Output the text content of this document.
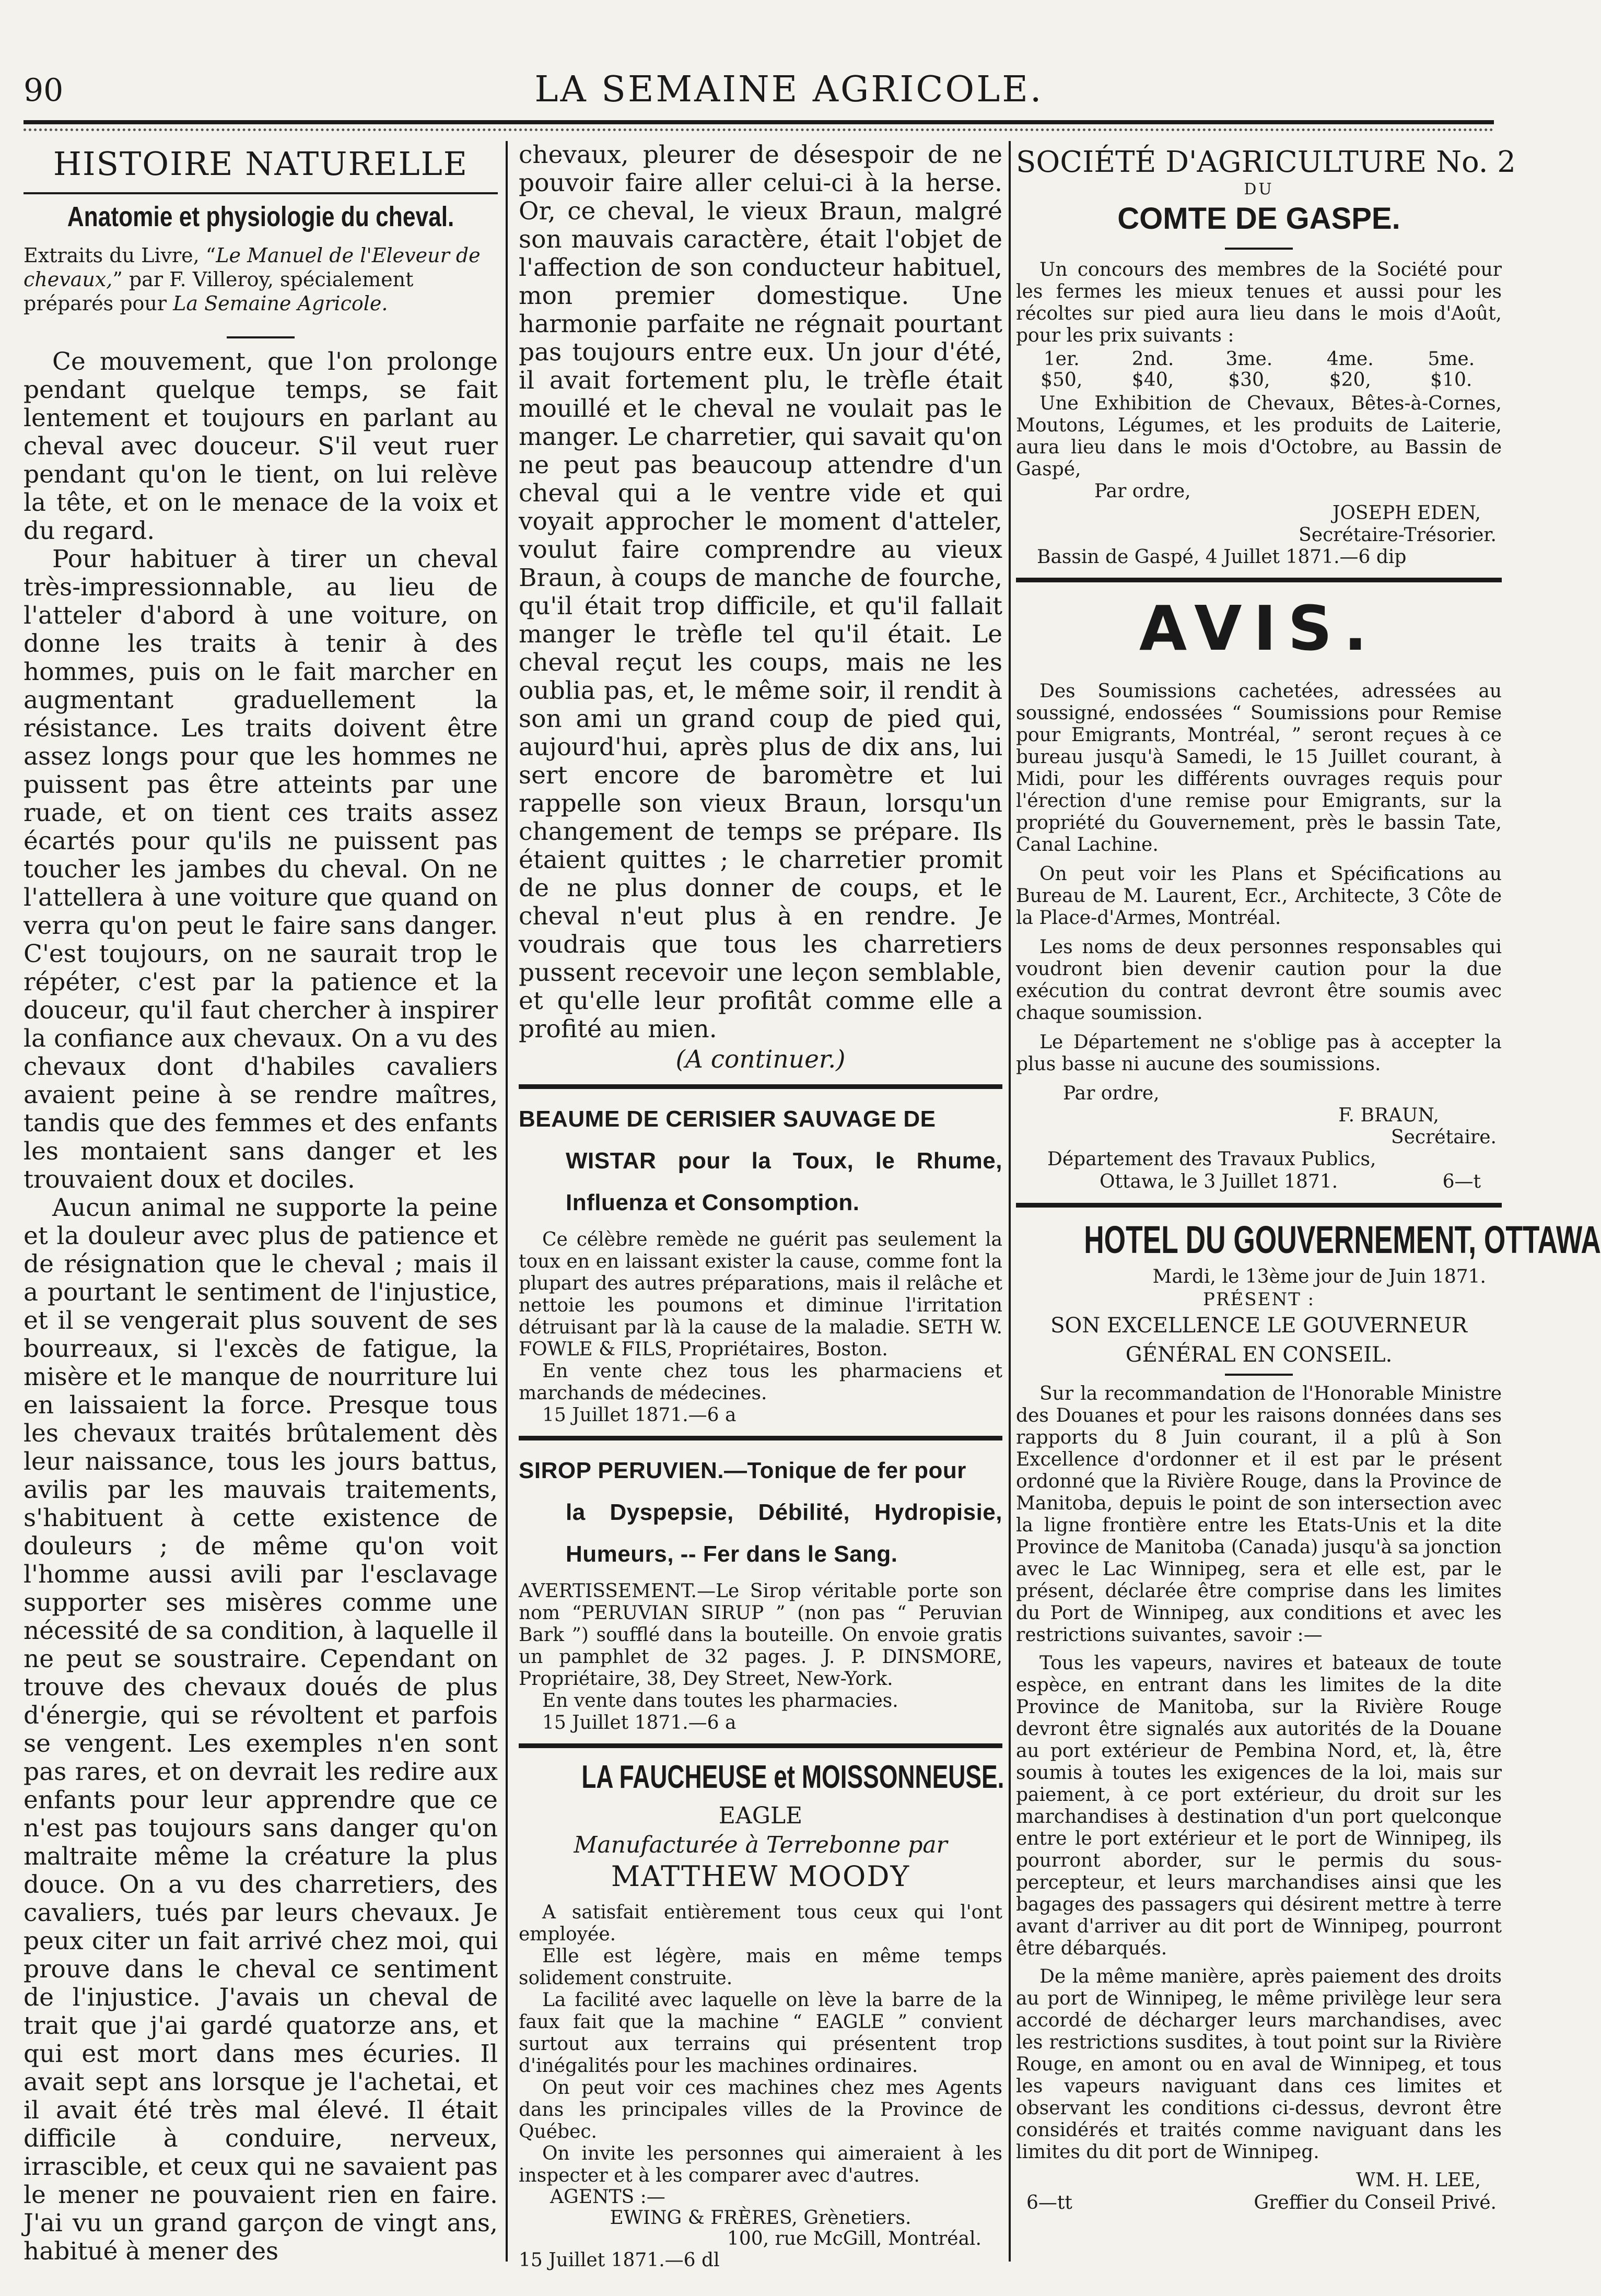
90	LA SEMAINE AGRICOLE.
HISTOIRE NATURELLE
Anatomie et physiologie du cheval.
Extraits du Livre, “Le Manuel de l'Eleveur de chevaux,” par F. Villeroy, spécialement préparés pour La Semaine Agricole.

Ce mouvement, que l'on prolonge pendant quelque temps, se fait lentement et toujours en parlant au cheval avec douceur. S'il veut ruer pendant qu'on le tient, on lui relève la tête, et on le menace de la voix et du regard.

Pour habituer à tirer un cheval très-impressionnable, au lieu de l'atteler d'abord à une voiture, on donne les traits à tenir à des hommes, puis on le fait marcher en augmentant graduellement la résistance. Les traits doivent être assez longs pour que les hommes ne puissent pas être atteints par une ruade, et on tient ces traits assez écartés pour qu'ils ne puissent pas toucher les jambes du cheval. On ne l'attellera à une voiture que quand on verra qu'on peut le faire sans danger. C'est toujours, on ne saurait trop le répéter, c'est par la patience et la douceur, qu'il faut chercher à inspirer la confiance aux chevaux. On a vu des chevaux dont d'habiles cavaliers avaient peine à se rendre maîtres, tandis que des femmes et des enfants les montaient sans danger et les trouvaient doux et dociles.

Aucun animal ne supporte la peine et la douleur avec plus de patience et de résignation que le cheval ; mais il a pourtant le sentiment de l'injustice, et il se vengerait plus souvent de ses bourreaux, si l'excès de fatigue, la misère et le manque de nourriture lui en laissaient la force. Presque tous les chevaux traités brûtalement dès leur naissance, tous les jours battus, avilis par les mauvais traitements, s'habituent à cette existence de douleurs ; de même qu'on voit l'homme aussi avili par l'esclavage supporter ses misères comme une nécessité de sa condition, à laquelle il ne peut se soustraire. Cependant on trouve des chevaux doués de plus d'énergie, qui se révoltent et parfois se vengent. Les exemples n'en sont pas rares, et on devrait les redire aux enfants pour leur apprendre que ce n'est pas toujours sans danger qu'on maltraite même la créature la plus douce. On a vu des charretiers, des cavaliers, tués par leurs chevaux. Je peux citer un fait arrivé chez moi, qui prouve dans le cheval ce sentiment de l'injustice. J'avais un cheval de trait que j'ai gardé quatorze ans, et qui est mort dans mes écuries. Il avait sept ans lorsque je l'achetai, et il avait été très mal élevé. Il était difficile à conduire, nerveux, irrascible, et ceux qui ne savaient pas le mener ne pouvaient rien en faire. J'ai vu un grand garçon de vingt ans, habitué à mener des

chevaux, pleurer de désespoir de ne pouvoir faire aller celui-ci à la herse. Or, ce cheval, le vieux Braun, malgré son mauvais caractère, était l'objet de l'affection de son conducteur habituel, mon premier domestique. Une harmonie parfaite ne régnait pourtant pas toujours entre eux. Un jour d'été, il avait fortement plu, le trèfle était mouillé et le cheval ne voulait pas le manger. Le charretier, qui savait qu'on ne peut pas beaucoup attendre d'un cheval qui a le ventre vide et qui voyait approcher le moment d'atteler, voulut faire comprendre au vieux Braun, à coups de manche de fourche, qu'il était trop difficile, et qu'il fallait manger le trèfle tel qu'il était. Le cheval reçut les coups, mais ne les oublia pas, et, le même soir, il rendit à son ami un grand coup de pied qui, aujourd'hui, après plus de dix ans, lui sert encore de baromètre et lui rappelle son vieux Braun, lorsqu'un changement de temps se prépare. Ils étaient quittes ; le charretier promit de ne plus donner de coups, et le cheval n'eut plus à en rendre. Je voudrais que tous les charretiers pussent recevoir une leçon semblable, et qu'elle leur profitât comme elle a profité au mien.

(A continuer.)
BEAUME DE CERISIER SAUVAGE DE
WISTAR pour la Toux, le Rhume, Influenza et Consomption.

Ce célèbre remède ne guérit pas seulement la toux en en laissant exister la cause, comme font la plupart des autres préparations, mais il relâche et nettoie les poumons et diminue l'irritation détruisant par là la cause de la maladie. SETH W. FOWLE & FILS, Propriétaires, Boston.

En vente chez tous les pharmaciens et marchands de médecines.

15 Juillet 1871.—6 a

SIROP PERUVIEN.—Tonique de fer pour
la Dyspepsie, Débilité, Hydropisie, Humeurs, -- Fer dans le Sang.

AVERTISSEMENT.—Le Sirop véritable porte son nom “PERUVIAN SIRUP ” (non pas “ Peruvian Bark ”) soufflé dans la bouteille. On envoie gratis un pamphlet de 32 pages. J. P. DINSMORE, Propriétaire, 38, Dey Street, New-York.

En vente dans toutes les pharmacies.

15 Juillet 1871.—6 a

LA FAUCHEUSE et MOISSONNEUSE.
EAGLE
Manufacturée à Terrebonne par
MATTHEW MOODY

A satisfait entièrement tous ceux qui l'ont employée.

Elle est légère, mais en même temps solidement construite.

La facilité avec laquelle on lève la barre de la faux fait que la machine “ EAGLE ” convient surtout aux terrains qui présentent trop d'inégalités pour les machines ordinaires.

On peut voir ces machines chez mes Agents dans les principales villes de la Province de Québec.

On invite les personnes qui aimeraient à les inspecter et à les comparer avec d'autres.

AGENTS :—
EWING & FRÈRES, Grènetiers.
100, rue McGill, Montréal.
15 Juillet 1871.—6 dl
SOCIÉTÉ D'AGRICULTURE No. 2
DU
COMTE DE GASPE.

Un concours des membres de la Société pour les fermes les mieux tenues et aussi pour les récoltes sur pied aura lieu dans le mois d'Août, pour les prix suivants :

1er.	2nd.	3me.	4me.	5me.
$50,	$40,	$30,	$20,	$10.

Une Exhibition de Chevaux, Bêtes-à-Cornes, Moutons, Légumes, et les produits de Laiterie, aura lieu dans le mois d'Octobre, au Bassin de Gaspé,

Par ordre,
JOSEPH EDEN,
Secrétaire-Trésorier.
Bassin de Gaspé, 4 Juillet 1871.—6 dip
AVIS.

Des Soumissions cachetées, adressées au soussigné, endossées “ Soumissions pour Remise pour Emigrants, Montréal, ” seront reçues à ce bureau jusqu'à Samedi, le 15 Juillet courant, à Midi, pour les différents ouvrages requis pour l'érection d'une remise pour Emigrants, sur la propriété du Gouvernement, près le bassin Tate, Canal Lachine.

On peut voir les Plans et Spécifications au Bureau de M. Laurent, Ecr., Architecte, 3 Côte de la Place-d'Armes, Montréal.

Les noms de deux personnes responsables qui voudront bien devenir caution pour la due exécution du contrat devront être soumis avec chaque soumission.

Le Département ne s'oblige pas à accepter la plus basse ni aucune des soumissions.

Par ordre,
F. BRAUN,
Secrétaire.
Département des Travaux Publics,
Ottawa, le 3 Juillet 1871.	6—t
HOTEL DU GOUVERNEMENT, OTTAWA
Mardi, le 13ème jour de Juin 1871.
PRÉSENT :
SON EXCELLENCE LE GOUVERNEUR GÉNÉRAL EN CONSEIL.

Sur la recommandation de l'Honorable Ministre des Douanes et pour les raisons données dans ses rapports du 8 Juin courant, il a plû à Son Excellence d'ordonner et il est par le présent ordonné que la Rivière Rouge, dans la Province de Manitoba, depuis le point de son intersection avec la ligne frontière entre les Etats-Unis et la dite Province de Manitoba (Canada) jusqu'à sa jonction avec le Lac Winnipeg, sera et elle est, par le présent, déclarée être comprise dans les limites du Port de Winnipeg, aux conditions et avec les restrictions suivantes, savoir :—

Tous les vapeurs, navires et bateaux de toute espèce, en entrant dans les limites de la dite Province de Manitoba, sur la Rivière Rouge devront être signalés aux autorités de la Douane au port extérieur de Pembina Nord, et, là, être soumis à toutes les exigences de la loi, mais sur paiement, à ce port extérieur, du droit sur les marchandises à destination d'un port quelconque entre le port extérieur et le port de Winnipeg, ils pourront aborder, sur le permis du sous-percepteur, et leurs marchandises ainsi que les bagages des passagers qui désirent mettre à terre avant d'arriver au dit port de Winnipeg, pourront être débarqués.

De la même manière, après paiement des droits au port de Winnipeg, le même privilège leur sera accordé de décharger leurs marchandises, avec les restrictions susdites, à tout point sur la Rivière Rouge, en amont ou en aval de Winnipeg, et tous les vapeurs naviguant dans ces limites et observant les conditions ci-dessus, devront être considérés et traités comme naviguant dans les limites du dit port de Winnipeg.

WM. H. LEE,
6—tt	Greffier du Conseil Privé.
